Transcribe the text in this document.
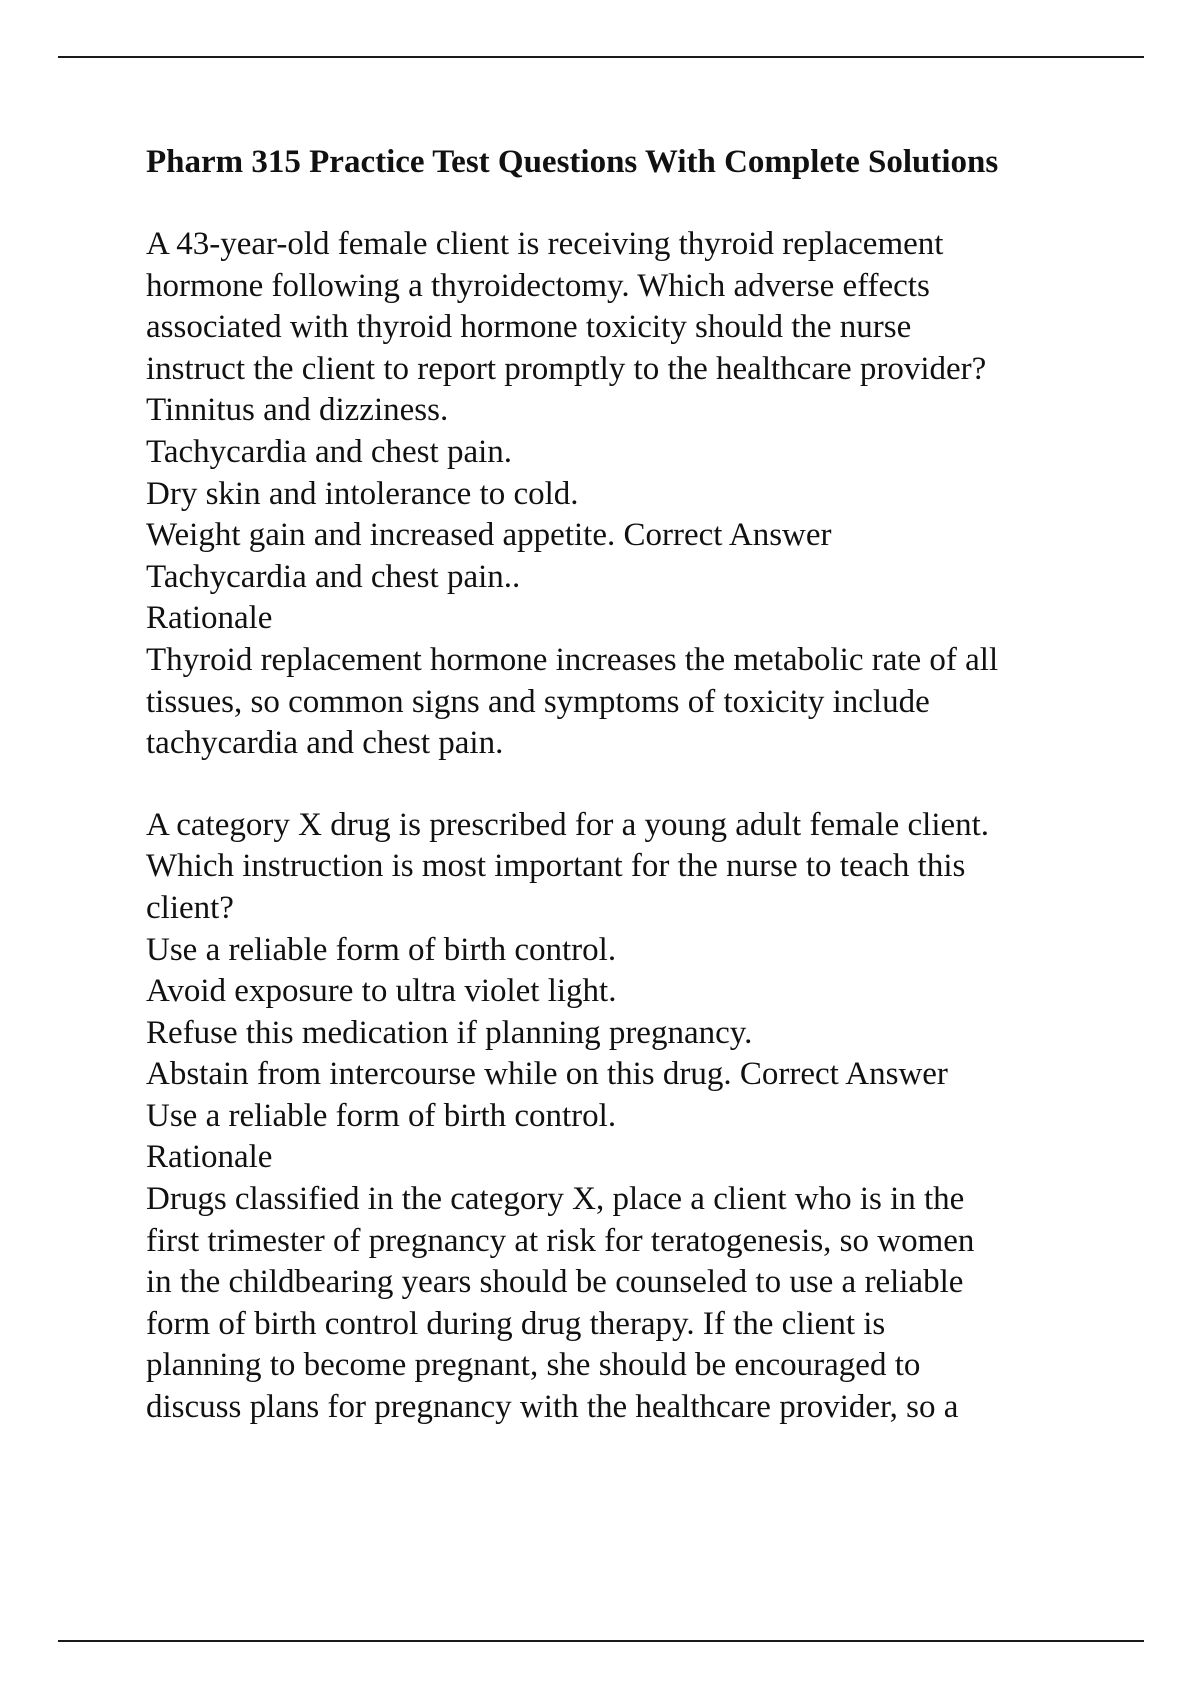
Pharm 315 Practice Test Questions With Complete Solutions
A 43-year-old female client is receiving thyroid replacement
hormone following a thyroidectomy. Which adverse effects
associated with thyroid hormone toxicity should the nurse
instruct the client to report promptly to the healthcare provider?
Tinnitus and dizziness.
Tachycardia and chest pain.
Dry skin and intolerance to cold.
Weight gain and increased appetite. Correct Answer
Tachycardia and chest pain..
Rationale
Thyroid replacement hormone increases the metabolic rate of all
tissues, so common signs and symptoms of toxicity include
tachycardia and chest pain.
A category X drug is prescribed for a young adult female client.
Which instruction is most important for the nurse to teach this
client?
Use a reliable form of birth control.
Avoid exposure to ultra violet light.
Refuse this medication if planning pregnancy.
Abstain from intercourse while on this drug. Correct Answer
Use a reliable form of birth control.
Rationale
Drugs classified in the category X, place a client who is in the
first trimester of pregnancy at risk for teratogenesis, so women
in the childbearing years should be counseled to use a reliable
form of birth control during drug therapy. If the client is
planning to become pregnant, she should be encouraged to
discuss plans for pregnancy with the healthcare provider, so a
